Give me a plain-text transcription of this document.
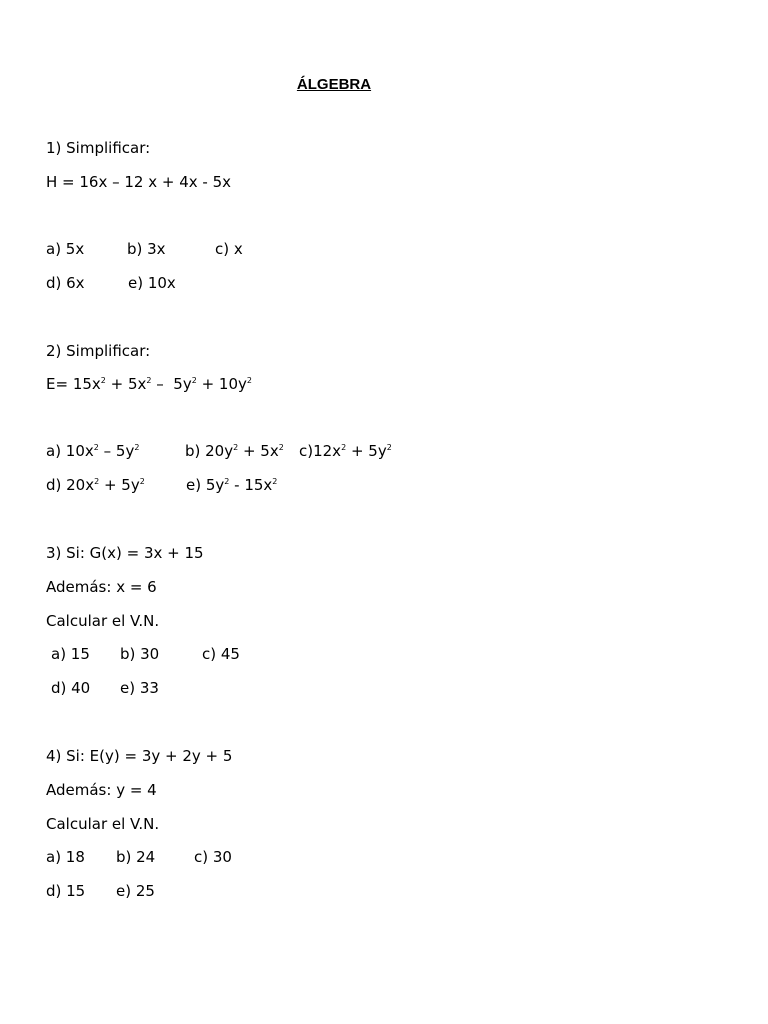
ÁLGEBRA
1) Simplificar:
H = 16x – 12 x + 4x - 5x
a) 5x	b) 3x	c) x
d) 6x	e) 10x
2) Simplificar:
$E= 15x^2 + 5x^2 - 5y^2 + 10y^2$
a) $10x^2 - 5y^2$	b) $20y^2 + 5x^2$ $c)12x^2 + 5y^2$
d) $20x^2 + 5y^2$	e) $5y^2 - 15x^2$
3) Si: G(x) = 3x + 15
Además: x = 6
Calcular el V.N.
a) 15 b) 30	c) 45
d) 40 e) 33
4) Si: E(y) = 3y + 2y + 5
Además: y = 4
Calcular el V.N.
a) 18 b) 24	c) 30
d) 15 e) 25
